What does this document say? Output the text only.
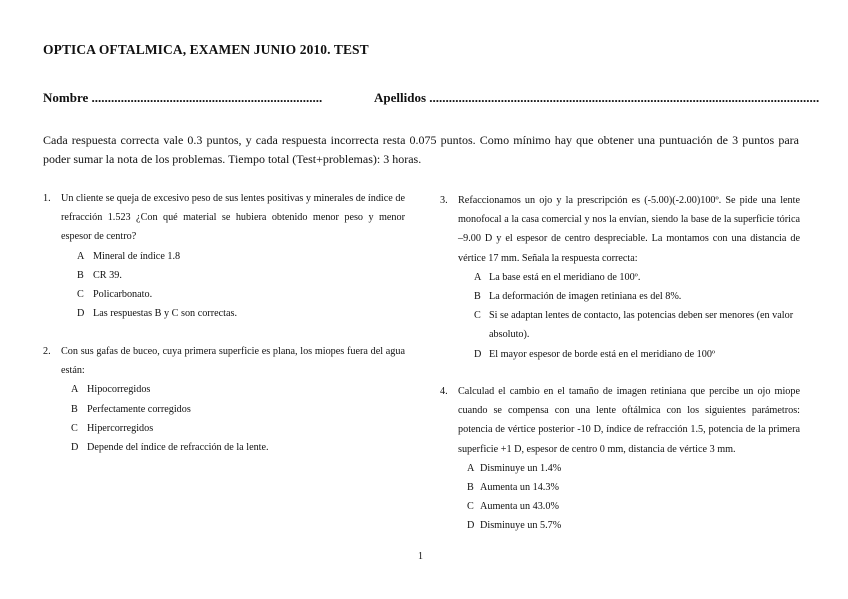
OPTICA OFTALMICA, EXAMEN JUNIO 2010. TEST
Nombre .......................................................................	Apellidos ........................................................................................................................
Cada respuesta correcta vale 0.3 puntos, y cada respuesta incorrecta resta 0.075 puntos. Como mínimo hay que obtener una puntuación de 3 puntos para poder sumar la nota de los problemas. Tiempo total (Test+problemas): 3 horas.
1. Un cliente se queja de excesivo peso de sus lentes positivas y minerales de índice de refracción 1.523 ¿Con qué material se hubiera obtenido menor peso y menor espesor de centro?
A Mineral de índice 1.8
B CR 39.
C Policarbonato.
D Las respuestas B y C son correctas.
2. Con sus gafas de buceo, cuya primera superficie es plana, los miopes fuera del agua están:
A Hipocorregidos
B Perfectamente corregidos
C Hipercorregidos
D Depende del índice de refracción de la lente.
3. Refaccionamos un ojo y la prescripción es (-5.00)(-2.00)100º. Se pide una lente monofocal a la casa comercial y nos la envían, siendo la base de la superficie tórica –9.00 D y el espesor de centro despreciable. La montamos con una distancia de vértice 17 mm. Señala la respuesta correcta:
A La base está en el meridiano de 100º.
B La deformación de imagen retiniana es del 8%.
C Si se adaptan lentes de contacto, las potencias deben ser menores (en valor absoluto).
D El mayor espesor de borde está en el meridiano de 100º
4. Calculad el cambio en el tamaño de imagen retiniana que percibe un ojo miope cuando se compensa con una lente oftálmica con los siguientes parámetros: potencia de vértice posterior -10 D, índice de refracción 1.5, potencia de la primera superficie +1 D, espesor de centro 0 mm, distancia de vértice 3 mm.
A Disminuye un 1.4%
B Aumenta un 14.3%
C Aumenta un 43.0%
D Disminuye un 5.7%
1
